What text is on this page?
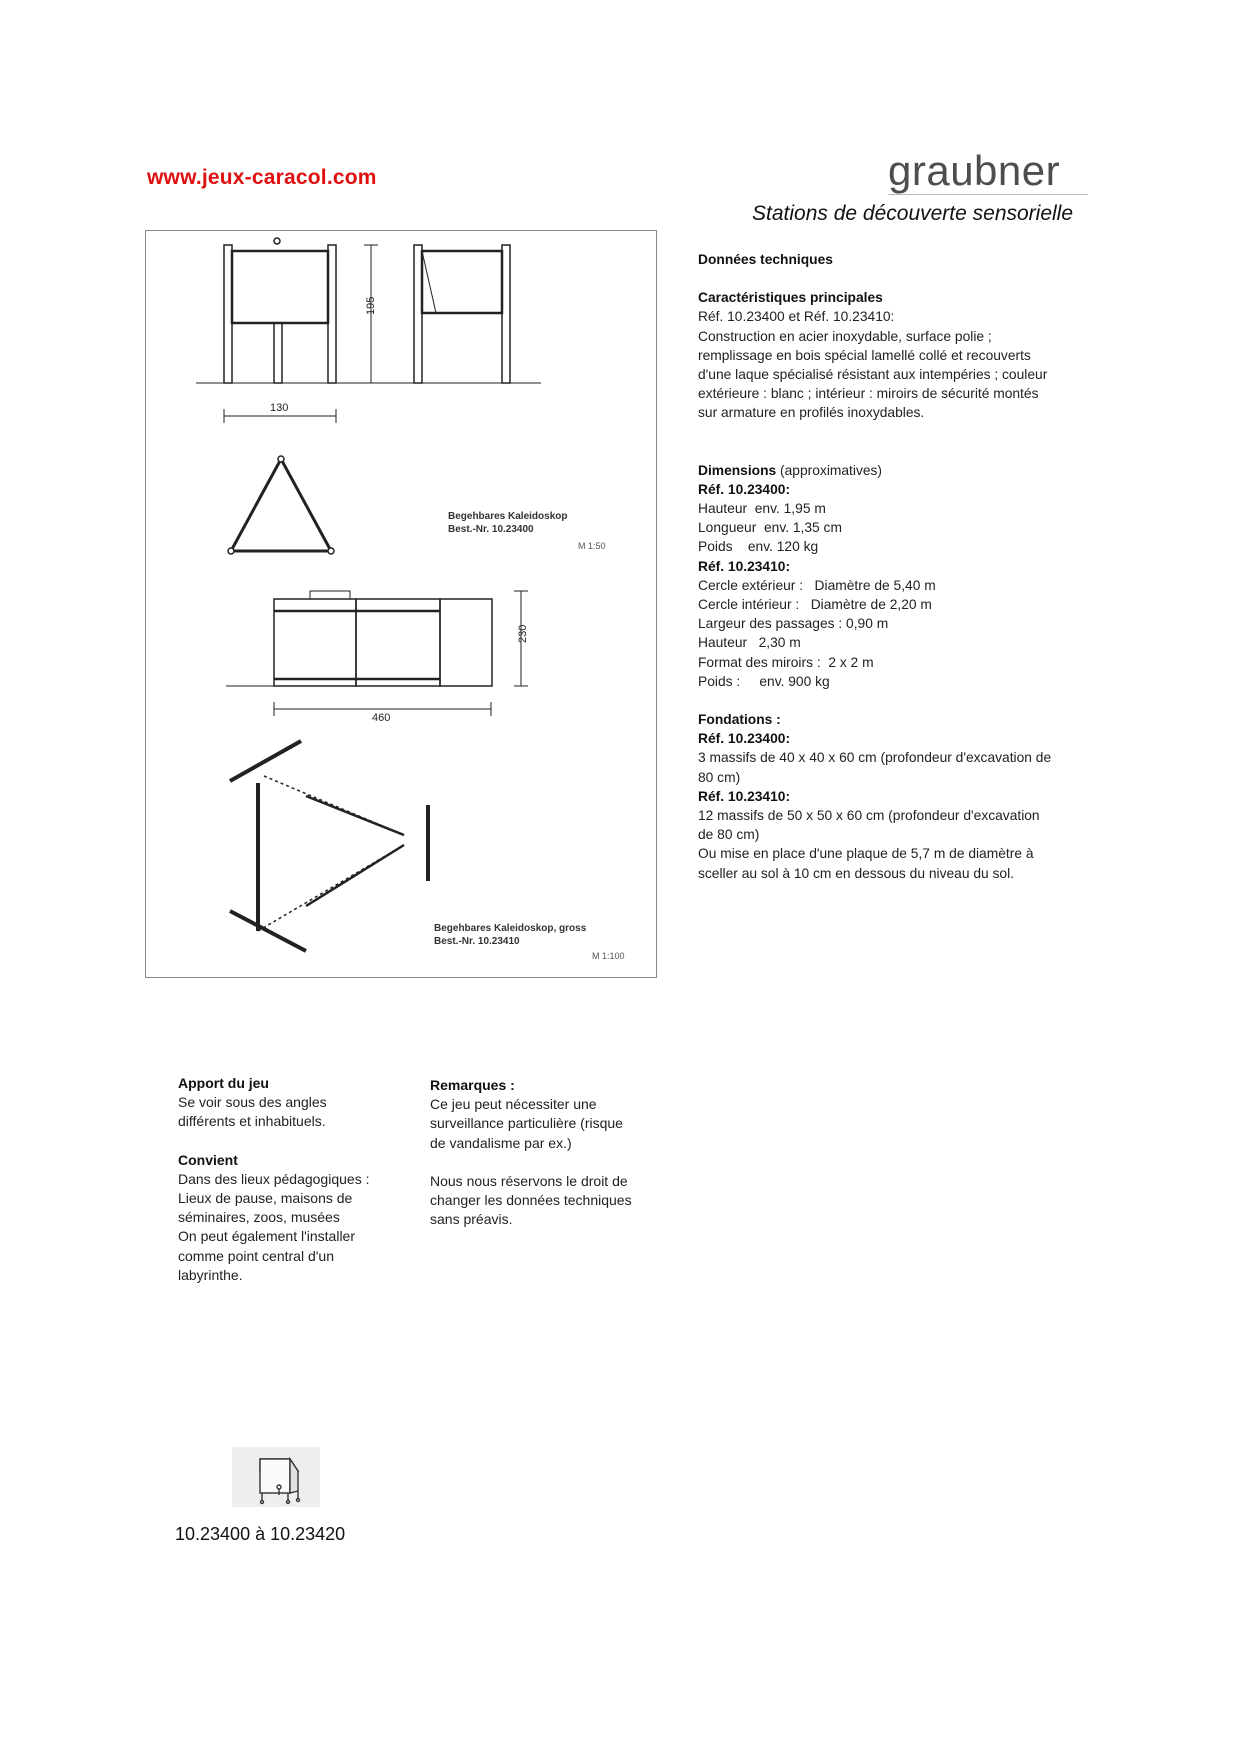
www.jeux-caracol.com	graubner
Stations de découverte sensorielle
195
130
Begehbares Kaleidoskop
Best.-Nr. 10.23400
M 1:50
230
460
Begehbares Kaleidoskop, gross
Best.-Nr. 10.23410
M 1:100
Données techniques
Caractéristiques principales
Réf. 10.23400 et Réf. 10.23410:
Construction en acier inoxydable, surface polie ;
remplissage en bois spécial lamellé collé et recouverts
d'une laque spécialisé résistant aux intempéries ; couleur
extérieure : blanc ; intérieur : miroirs de sécurité montés
sur armature en profilés inoxydables.
Dimensions (approximatives)
Réf. 10.23400:
Hauteur  env. 1,95 m
Longueur  env. 1,35 cm
Poids    env. 120 kg
Réf. 10.23410:
Cercle extérieur :   Diamètre de 5,40 m
Cercle intérieur :   Diamètre de 2,20 m
Largeur des passages : 0,90 m
Hauteur   2,30 m
Format des miroirs :  2 x 2 m
Poids :     env. 900 kg
Fondations :
Réf. 10.23400:
3 massifs de 40 x 40 x 60 cm (profondeur d'excavation de
80 cm)
Réf. 10.23410:
12 massifs de 50 x 50 x 60 cm (profondeur d'excavation
de 80 cm)
Ou mise en place d'une plaque de 5,7 m de diamètre à
sceller au sol à 10 cm en dessous du niveau du sol.
Apport du jeu
Se voir sous des angles
différents et inhabituels.
Convient
Dans des lieux pédagogiques :
Lieux de pause, maisons de
séminaires, zoos, musées
On peut également l'installer
comme point central d'un
labyrinthe.
Remarques :
Ce jeu peut nécessiter une
surveillance particulière (risque
de vandalisme par ex.)
Nous nous réservons le droit de
changer les données techniques
sans préavis.
10.23400 à 10.23420
